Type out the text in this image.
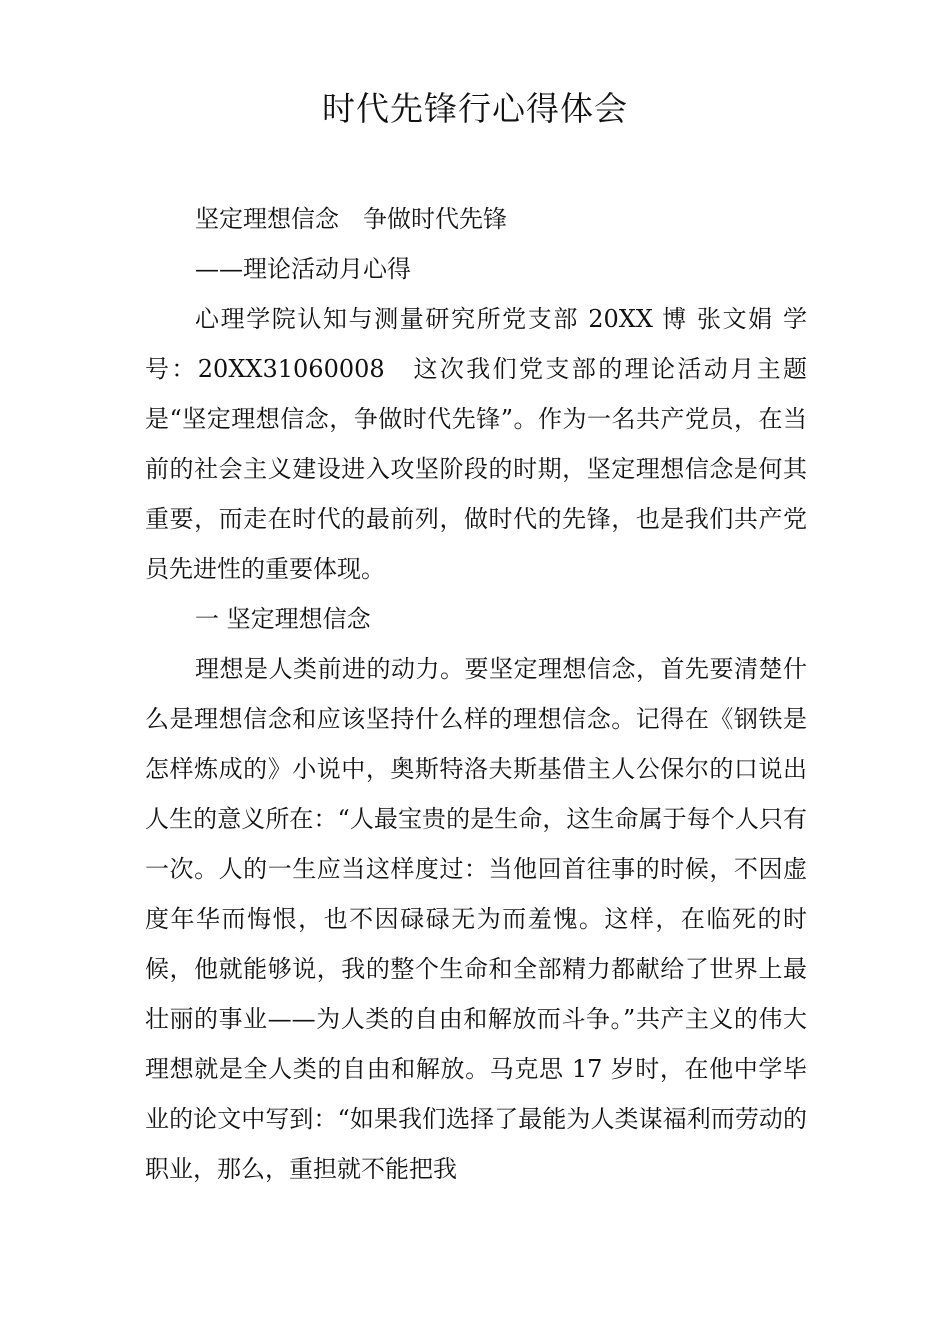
时代先锋行心得体会

坚定理想信念　争做时代先锋

——理论活动月心得

心理学院认知与测量研究所党支部 20XX 博 张文娟 学号：20XX31060008　这次我们党支部的理论活动月主题是“坚定理想信念，争做时代先锋”。作为一名共产党员，在当前的社会主义建设进入攻坚阶段的时期，坚定理想信念是何其重要，而走在时代的最前列，做时代的先锋，也是我们共产党员先进性的重要体现。

一 坚定理想信念

理想是人类前进的动力。要坚定理想信念，首先要清楚什么是理想信念和应该坚持什么样的理想信念。记得在《钢铁是怎样炼成的》小说中，奥斯特洛夫斯基借主人公保尔的口说出人生的意义所在：“人最宝贵的是生命，这生命属于每个人只有一次。人的一生应当这样度过：当他回首往事的时候，不因虚度年华而悔恨，也不因碌碌无为而羞愧。这样，在临死的时候，他就能够说，我的整个生命和全部精力都献给了世界上最壮丽的事业——为人类的自由和解放而斗争。”共产主义的伟大理想就是全人类的自由和解放。马克思 17 岁时，在他中学毕业的论文中写到：“如果我们选择了最能为人类谋福利而劳动的职业，那么，重担就不能把我
